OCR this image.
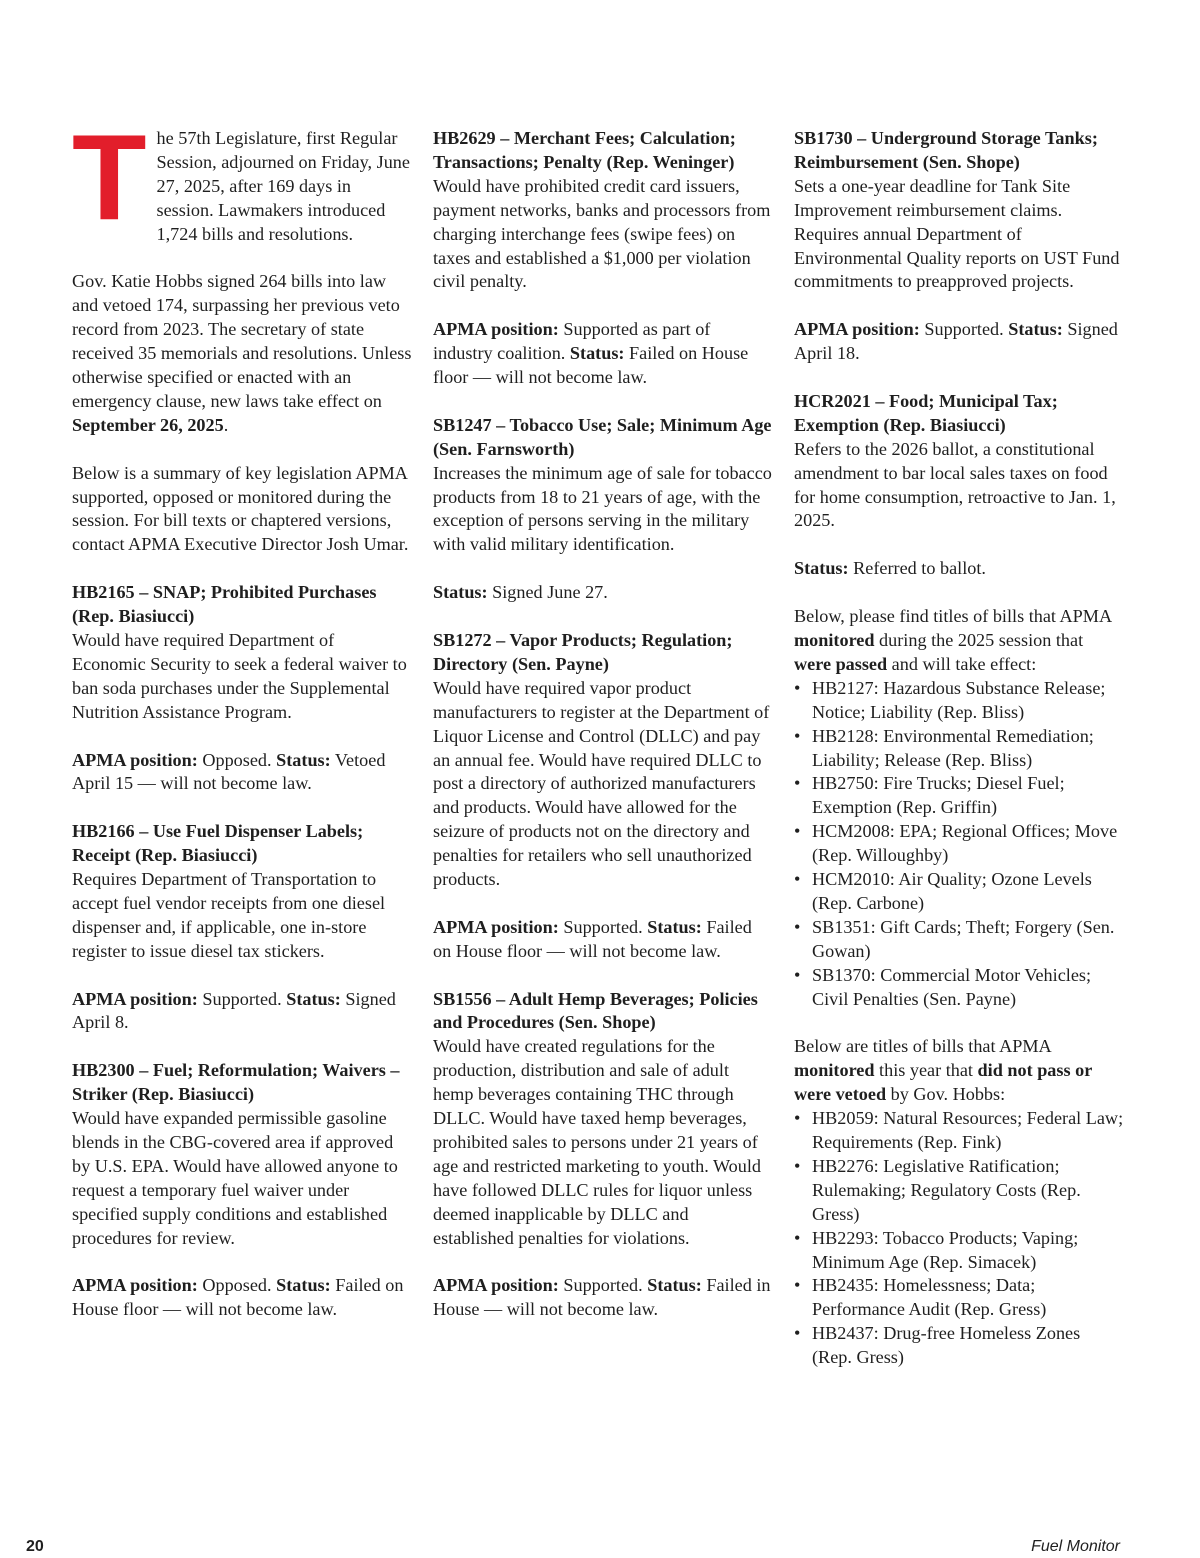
The 57th Legislature, first Regular Session, adjourned on Friday, June 27, 2025, after 169 days in session. Lawmakers introduced 1,724 bills and resolutions.

Gov. Katie Hobbs signed 264 bills into law and vetoed 174, surpassing her previous veto record from 2023. The secretary of state received 35 memorials and resolutions. Unless otherwise specified or enacted with an emergency clause, new laws take effect on September 26, 2025.

Below is a summary of key legislation APMA supported, opposed or monitored during the session. For bill texts or chaptered versions, contact APMA Executive Director Josh Umar.

HB2165 – SNAP; Prohibited Purchases (Rep. Biasiucci)

Would have required Department of Economic Security to seek a federal waiver to ban soda purchases under the Supplemental Nutrition Assistance Program.

APMA position: Opposed. Status: Vetoed April 15 — will not become law.

HB2166 – Use Fuel Dispenser Labels; Receipt (Rep. Biasiucci)

Requires Department of Transportation to accept fuel vendor receipts from one diesel dispenser and, if applicable, one in-store register to issue diesel tax stickers.

APMA position: Supported. Status: Signed April 8.

HB2300 – Fuel; Reformulation; Waivers – Striker (Rep. Biasiucci)

Would have expanded permissible gasoline blends in the CBG-covered area if approved by U.S. EPA. Would have allowed anyone to request a temporary fuel waiver under specified supply conditions and established procedures for review.

APMA position: Opposed. Status: Failed on House floor — will not become law.

HB2629 – Merchant Fees; Calculation; Transactions; Penalty (Rep. Weninger)

Would have prohibited credit card issuers, payment networks, banks and processors from charging interchange fees (swipe fees) on taxes and established a $1,000 per violation civil penalty.

APMA position: Supported as part of industry coalition. Status: Failed on House floor — will not become law.

SB1247 – Tobacco Use; Sale; Minimum Age (Sen. Farnsworth)

Increases the minimum age of sale for tobacco products from 18 to 21 years of age, with the exception of persons serving in the military with valid military identification.

Status: Signed June 27.

SB1272 – Vapor Products; Regulation; Directory (Sen. Payne)

Would have required vapor product manufacturers to register at the Department of Liquor License and Control (DLLC) and pay an annual fee. Would have required DLLC to post a directory of authorized manufacturers and products. Would have allowed for the seizure of products not on the directory and penalties for retailers who sell unauthorized products.

APMA position: Supported. Status: Failed on House floor — will not become law.

SB1556 – Adult Hemp Beverages; Policies and Procedures (Sen. Shope)

Would have created regulations for the production, distribution and sale of adult hemp beverages containing THC through DLLC. Would have taxed hemp beverages, prohibited sales to persons under 21 years of age and restricted marketing to youth. Would have followed DLLC rules for liquor unless deemed inapplicable by DLLC and established penalties for violations.

APMA position: Supported. Status: Failed in House — will not become law.

SB1730 – Underground Storage Tanks; Reimbursement (Sen. Shope)

Sets a one-year deadline for Tank Site Improvement reimbursement claims. Requires annual Department of Environmental Quality reports on UST Fund commitments to preapproved projects.

APMA position: Supported. Status: Signed April 18.

HCR2021 – Food; Municipal Tax; Exemption (Rep. Biasiucci)

Refers to the 2026 ballot, a constitutional amendment to bar local sales taxes on food for home consumption, retroactive to Jan. 1, 2025.

Status: Referred to ballot.

Below, please find titles of bills that APMA monitored during the 2025 session that were passed and will take effect:

• HB2127: Hazardous Substance Release; Notice; Liability (Rep. Bliss)
• HB2128: Environmental Remediation; Liability; Release (Rep. Bliss)
• HB2750: Fire Trucks; Diesel Fuel; Exemption (Rep. Griffin)
• HCM2008: EPA; Regional Offices; Move (Rep. Willoughby)
• HCM2010: Air Quality; Ozone Levels (Rep. Carbone)
• SB1351: Gift Cards; Theft; Forgery (Sen. Gowan)
• SB1370: Commercial Motor Vehicles; Civil Penalties (Sen. Payne)

Below are titles of bills that APMA monitored this year that did not pass or were vetoed by Gov. Hobbs:

• HB2059: Natural Resources; Federal Law; Requirements (Rep. Fink)
• HB2276: Legislative Ratification; Rulemaking; Regulatory Costs (Rep. Gress)
• HB2293: Tobacco Products; Vaping; Minimum Age (Rep. Simacek)
• HB2435: Homelessness; Data; Performance Audit (Rep. Gress)
• HB2437: Drug-free Homeless Zones (Rep. Gress)
20	Fuel Monitor
